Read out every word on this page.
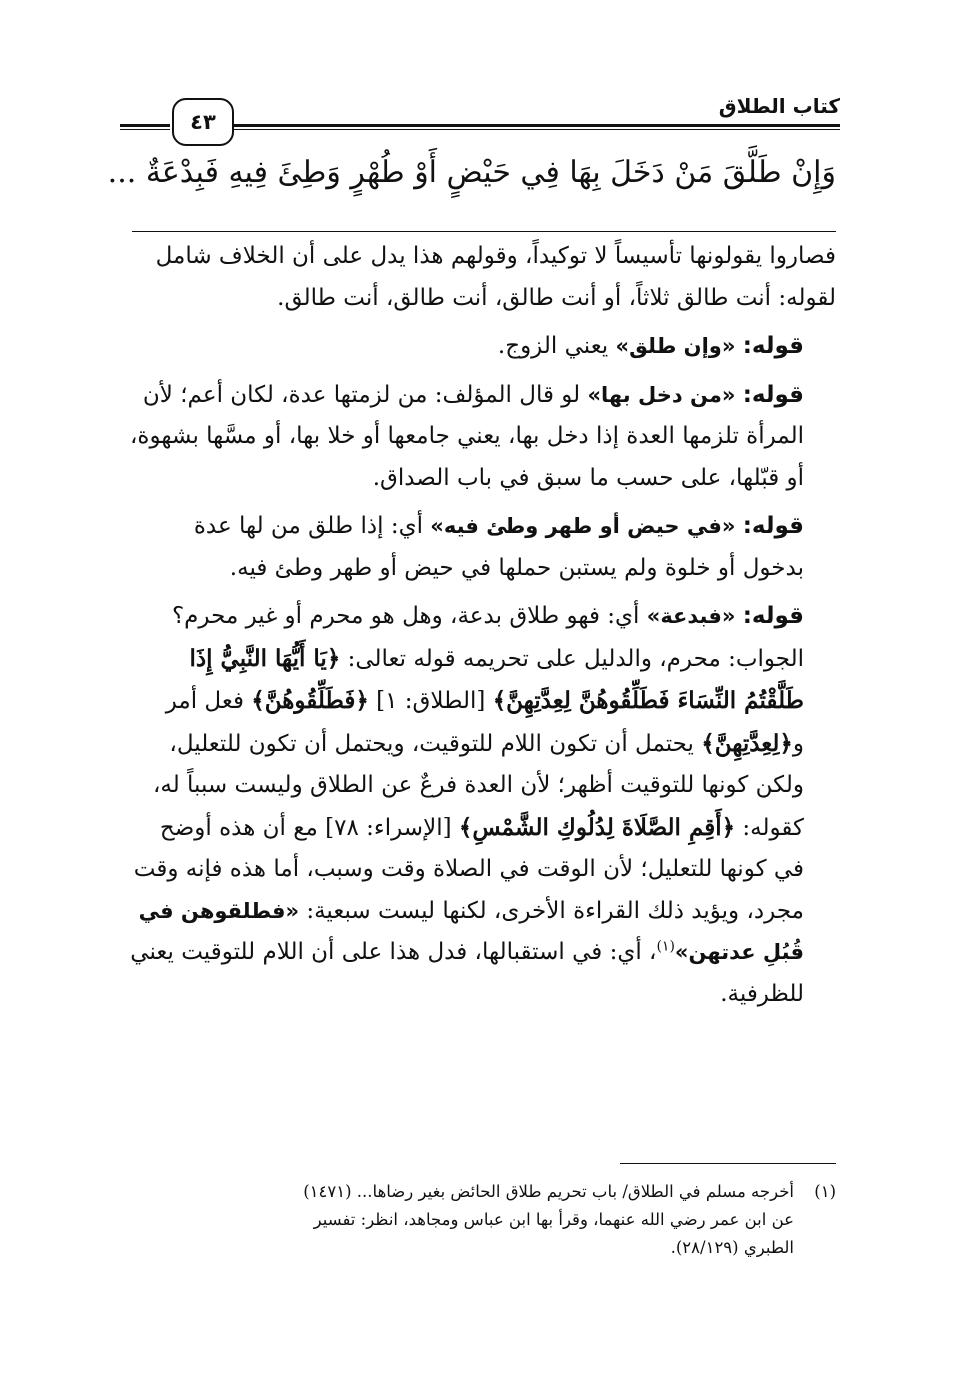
كتاب الطلاق
٤٣
وَإِنْ طَلَّقَ مَنْ دَخَلَ بِهَا فِي حَيْضٍ أَوْ طُهْرٍ وَطِئَ فِيهِ فَبِدْعَةٌ ...

فصاروا يقولونها تأسيساً لا توكيداً، وقولهم هذا يدل على أن الخلاف شامل لقوله: أنت طالق ثلاثاً، أو أنت طالق، أنت طالق، أنت طالق.

قوله: «وإن طلق» يعني الزوج.

قوله: «من دخل بها» لو قال المؤلف: من لزمتها عدة، لكان أعم؛ لأن المرأة تلزمها العدة إذا دخل بها، يعني جامعها أو خلا بها، أو مسَّها بشهوة، أو قبّلها، على حسب ما سبق في باب الصداق.

قوله: «في حيض أو طهر وطئ فيه» أي: إذا طلق من لها عدة بدخول أو خلوة ولم يستبن حملها في حيض أو طهر وطئ فيه.

قوله: «فبدعة» أي: فهو طلاق بدعة، وهل هو محرم أو غير محرم؟ الجواب: محرم، والدليل على تحريمه قوله تعالى: ﴿يَا أَيُّهَا النَّبِيُّ إِذَا طَلَّقْتُمُ النِّسَاءَ فَطَلِّقُوهُنَّ لِعِدَّتِهِنَّ﴾ [الطلاق: ١] ﴿فَطَلِّقُوهُنَّ﴾ فعل أمر و﴿لِعِدَّتِهِنَّ﴾ يحتمل أن تكون اللام للتوقيت، ويحتمل أن تكون للتعليل، ولكن كونها للتوقيت أظهر؛ لأن العدة فرعٌ عن الطلاق وليست سبباً له، كقوله: ﴿أَقِمِ الصَّلَاةَ لِدُلُوكِ الشَّمْسِ﴾ [الإسراء: ٧٨] مع أن هذه أوضح في كونها للتعليل؛ لأن الوقت في الصلاة وقت وسبب، أما هذه فإنه وقت مجرد، ويؤيد ذلك القراءة الأخرى، لكنها ليست سبعية: «فطلقوهن في قُبُلِ عدتهن»$^{(١)}$، أي: في استقبالها، فدل هذا على أن اللام للتوقيت يعني للظرفية.

(١)أخرجه مسلم في الطلاق/ باب تحريم طلاق الحائض بغير رضاها... (١٤٧١)
عن ابن عمر رضي الله عنهما، وقرأ بها ابن عباس ومجاهد، انظر: تفسير
الطبري (٢٨/١٢٩).
